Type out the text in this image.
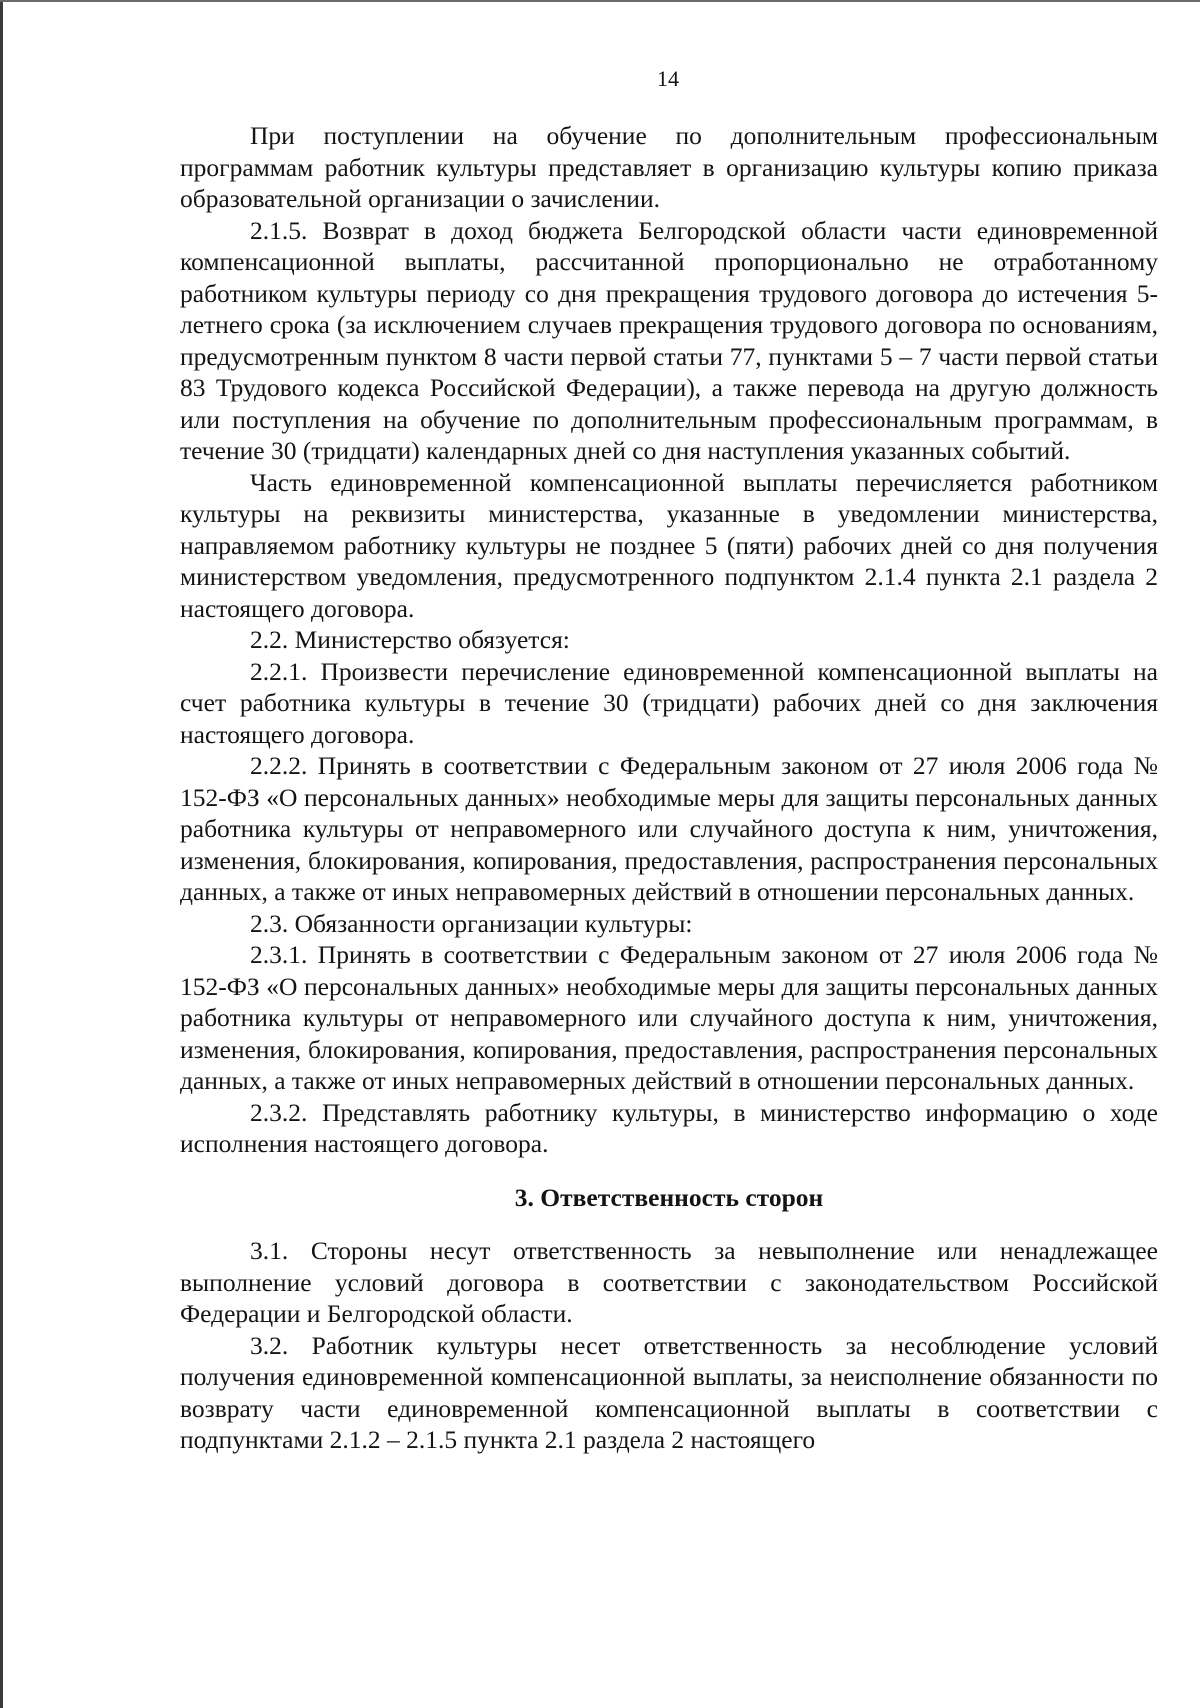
14

При поступлении на обучение по дополнительным профессиональным программам работник культуры представляет в организацию культуры копию приказа образовательной организации о зачислении.

2.1.5. Возврат в доход бюджета Белгородской области части единовременной компенсационной выплаты, рассчитанной пропорционально не отработанному работником культуры периоду со дня прекращения трудового договора до истечения 5-летнего срока (за исключением случаев прекращения трудового договора по основаниям, предусмотренным пунктом 8 части первой статьи 77, пунктами 5 – 7 части первой статьи 83 Трудового кодекса Российской Федерации), а также перевода на другую должность или поступления на обучение по дополнительным профессиональным программам, в течение 30 (тридцати) календарных дней со дня наступления указанных событий.

Часть единовременной компенсационной выплаты перечисляется работником культуры на реквизиты министерства, указанные в уведомлении министерства, направляемом работнику культуры не позднее 5 (пяти) рабочих дней со дня получения министерством уведомления, предусмотренного подпунктом 2.1.4 пункта 2.1 раздела 2 настоящего договора.

2.2. Министерство обязуется:

2.2.1. Произвести перечисление единовременной компенсационной выплаты на счет работника культуры в течение 30 (тридцати) рабочих дней со дня заключения настоящего договора.

2.2.2. Принять в соответствии с Федеральным законом от 27 июля 2006 года № 152-ФЗ «О персональных данных» необходимые меры для защиты персональных данных работника культуры от неправомерного или случайного доступа к ним, уничтожения, изменения, блокирования, копирования, предоставления, распространения персональных данных, а также от иных неправомерных действий в отношении персональных данных.

2.3. Обязанности организации культуры:

2.3.1. Принять в соответствии с Федеральным законом от 27 июля 2006 года № 152-ФЗ «О персональных данных» необходимые меры для защиты персональных данных работника культуры от неправомерного или случайного доступа к ним, уничтожения, изменения, блокирования, копирования, предоставления, распространения персональных данных, а также от иных неправомерных действий в отношении персональных данных.

2.3.2. Представлять работнику культуры, в министерство информацию о ходе исполнения настоящего договора.

3. Ответственность сторон

3.1. Стороны несут ответственность за невыполнение или ненадлежащее выполнение условий договора в соответствии с законодательством Российской Федерации и Белгородской области.

3.2. Работник культуры несет ответственность за несоблюдение условий получения единовременной компенсационной выплаты, за неисполнение обязанности по возврату части единовременной компенсационной выплаты в соответствии с подпунктами 2.1.2 – 2.1.5 пункта 2.1 раздела 2 настоящего
